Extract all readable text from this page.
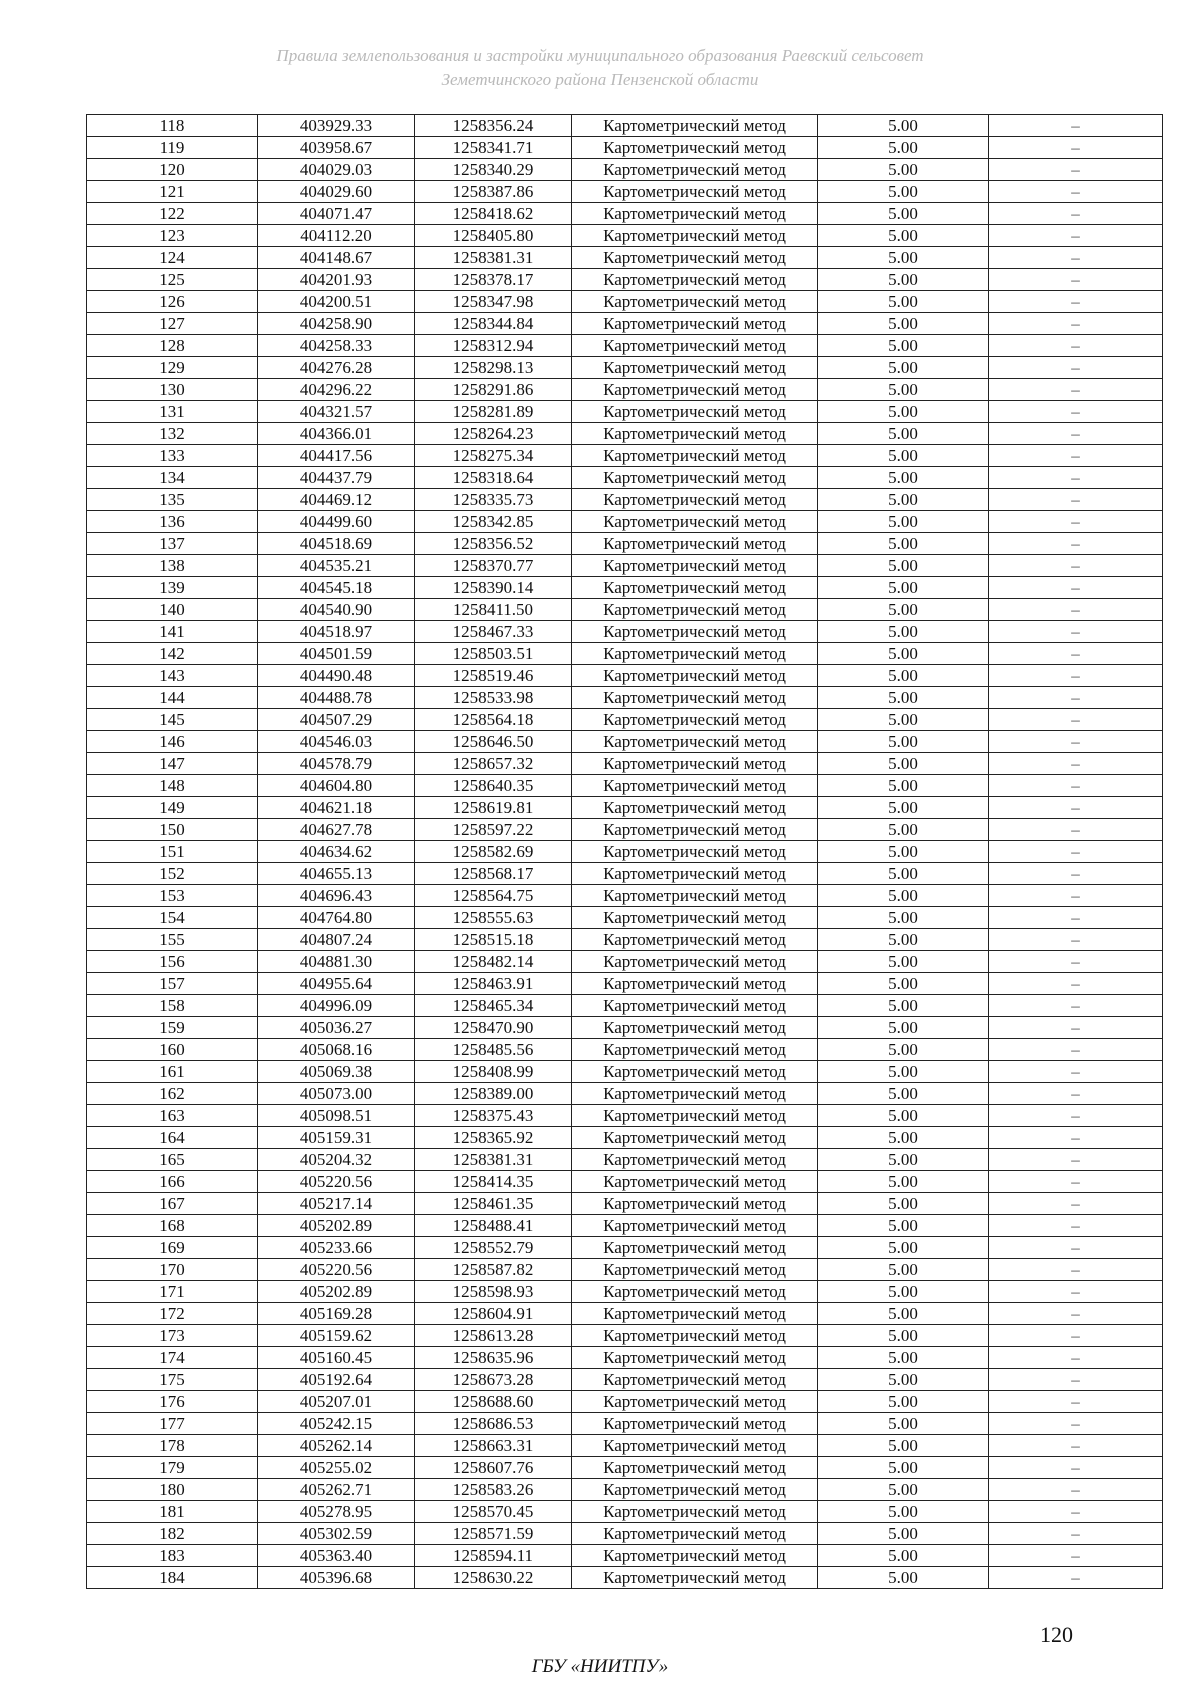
Правила землепользования и застройки муниципального образования Раевский сельсовет
Земетчинского района Пензенской области
118	403929.33	1258356.24	Картометрический метод	5.00	–
119	403958.67	1258341.71	Картометрический метод	5.00	–
120	404029.03	1258340.29	Картометрический метод	5.00	–
121	404029.60	1258387.86	Картометрический метод	5.00	–
122	404071.47	1258418.62	Картометрический метод	5.00	–
123	404112.20	1258405.80	Картометрический метод	5.00	–
124	404148.67	1258381.31	Картометрический метод	5.00	–
125	404201.93	1258378.17	Картометрический метод	5.00	–
126	404200.51	1258347.98	Картометрический метод	5.00	–
127	404258.90	1258344.84	Картометрический метод	5.00	–
128	404258.33	1258312.94	Картометрический метод	5.00	–
129	404276.28	1258298.13	Картометрический метод	5.00	–
130	404296.22	1258291.86	Картометрический метод	5.00	–
131	404321.57	1258281.89	Картометрический метод	5.00	–
132	404366.01	1258264.23	Картометрический метод	5.00	–
133	404417.56	1258275.34	Картометрический метод	5.00	–
134	404437.79	1258318.64	Картометрический метод	5.00	–
135	404469.12	1258335.73	Картометрический метод	5.00	–
136	404499.60	1258342.85	Картометрический метод	5.00	–
137	404518.69	1258356.52	Картометрический метод	5.00	–
138	404535.21	1258370.77	Картометрический метод	5.00	–
139	404545.18	1258390.14	Картометрический метод	5.00	–
140	404540.90	1258411.50	Картометрический метод	5.00	–
141	404518.97	1258467.33	Картометрический метод	5.00	–
142	404501.59	1258503.51	Картометрический метод	5.00	–
143	404490.48	1258519.46	Картометрический метод	5.00	–
144	404488.78	1258533.98	Картометрический метод	5.00	–
145	404507.29	1258564.18	Картометрический метод	5.00	–
146	404546.03	1258646.50	Картометрический метод	5.00	–
147	404578.79	1258657.32	Картометрический метод	5.00	–
148	404604.80	1258640.35	Картометрический метод	5.00	–
149	404621.18	1258619.81	Картометрический метод	5.00	–
150	404627.78	1258597.22	Картометрический метод	5.00	–
151	404634.62	1258582.69	Картометрический метод	5.00	–
152	404655.13	1258568.17	Картометрический метод	5.00	–
153	404696.43	1258564.75	Картометрический метод	5.00	–
154	404764.80	1258555.63	Картометрический метод	5.00	–
155	404807.24	1258515.18	Картометрический метод	5.00	–
156	404881.30	1258482.14	Картометрический метод	5.00	–
157	404955.64	1258463.91	Картометрический метод	5.00	–
158	404996.09	1258465.34	Картометрический метод	5.00	–
159	405036.27	1258470.90	Картометрический метод	5.00	–
160	405068.16	1258485.56	Картометрический метод	5.00	–
161	405069.38	1258408.99	Картометрический метод	5.00	–
162	405073.00	1258389.00	Картометрический метод	5.00	–
163	405098.51	1258375.43	Картометрический метод	5.00	–
164	405159.31	1258365.92	Картометрический метод	5.00	–
165	405204.32	1258381.31	Картометрический метод	5.00	–
166	405220.56	1258414.35	Картометрический метод	5.00	–
167	405217.14	1258461.35	Картометрический метод	5.00	–
168	405202.89	1258488.41	Картометрический метод	5.00	–
169	405233.66	1258552.79	Картометрический метод	5.00	–
170	405220.56	1258587.82	Картометрический метод	5.00	–
171	405202.89	1258598.93	Картометрический метод	5.00	–
172	405169.28	1258604.91	Картометрический метод	5.00	–
173	405159.62	1258613.28	Картометрический метод	5.00	–
174	405160.45	1258635.96	Картометрический метод	5.00	–
175	405192.64	1258673.28	Картометрический метод	5.00	–
176	405207.01	1258688.60	Картометрический метод	5.00	–
177	405242.15	1258686.53	Картометрический метод	5.00	–
178	405262.14	1258663.31	Картометрический метод	5.00	–
179	405255.02	1258607.76	Картометрический метод	5.00	–
180	405262.71	1258583.26	Картометрический метод	5.00	–
181	405278.95	1258570.45	Картометрический метод	5.00	–
182	405302.59	1258571.59	Картометрический метод	5.00	–
183	405363.40	1258594.11	Картометрический метод	5.00	–
184	405396.68	1258630.22	Картометрический метод	5.00	–
120
ГБУ «НИИТПУ»
